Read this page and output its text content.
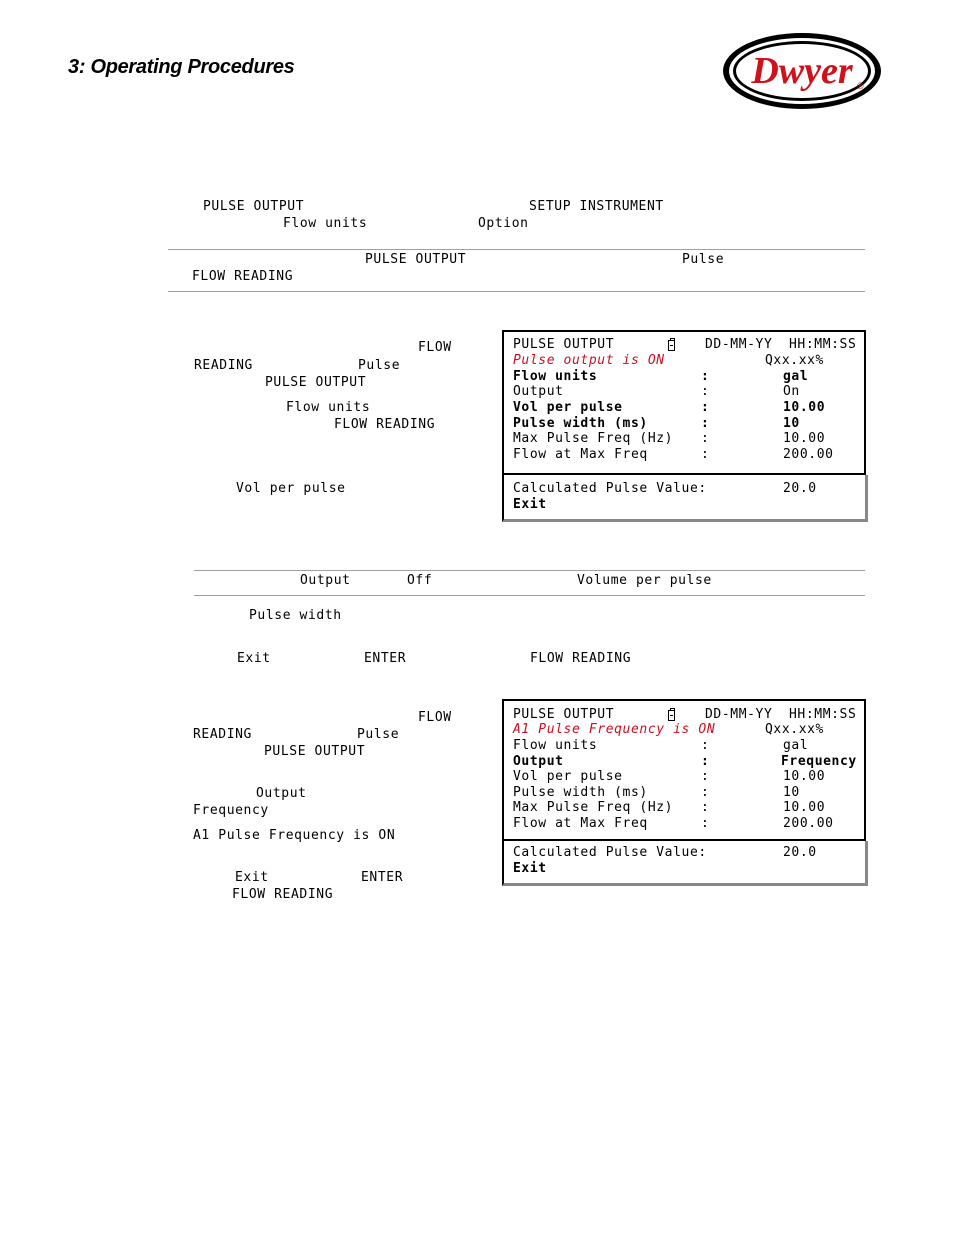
3: Operating Procedures	Dwyer ®
PULSE OUTPUT	SETUP INSTRUMENT
Flow units	Option
PULSE OUTPUT	Pulse
FLOW READING
FLOW
READING	Pulse
PULSE OUTPUT
Flow units
FLOW READING
Vol per pulse
PULSE OUTPUT	DD-MM-YY HH:MM:SS
Pulse output is ON	Qxx.xx%
Flow units	:	gal
Output	:	On
Vol per pulse	:	10.00
Pulse width (ms)	:	10
Max Pulse Freq (Hz) :	10.00
Flow at Max Freq	:	200.00
Calculated Pulse Value:	20.0
Exit
Output	Off	Volume per pulse
Pulse width
Exit	ENTER	FLOW READING
FLOW
READING	Pulse
PULSE OUTPUT
Output
Frequency
A1 Pulse Frequency is ON
Exit	ENTER
FLOW READING
PULSE OUTPUT	DD-MM-YY HH:MM:SS
A1 Pulse Frequency is ON	Qxx.xx%
Flow units	:	gal
Output	:	Frequency
Vol per pulse	:	10.00
Pulse width (ms)	:	10
Max Pulse Freq (Hz) :	10.00
Flow at Max Freq	:	200.00
Calculated Pulse Value:	20.0
Exit
